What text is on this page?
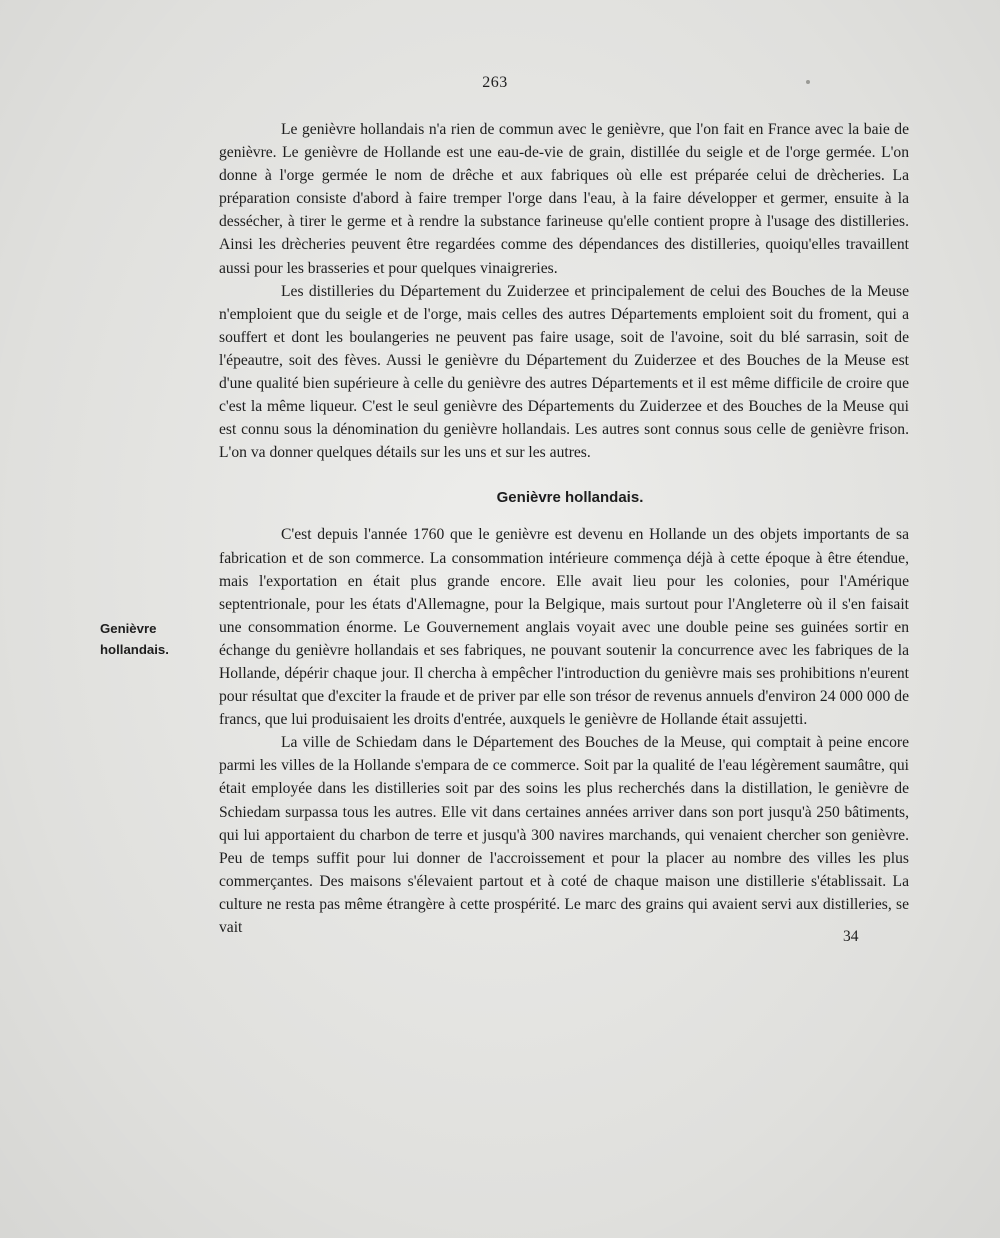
263
Genièvre
hollandais.

Le genièvre hollandais n'a rien de commun avec le genièvre, que l'on fait en France avec la baie de genièvre. Le genièvre de Hollande est une eau-de-vie de grain, distillée du seigle et de l'orge germée. L'on donne à l'orge germée le nom de drêche et aux fabriques où elle est préparée celui de drècheries. La préparation consiste d'abord à faire tremper l'orge dans l'eau, à la faire développer et germer, ensuite à la dessécher, à tirer le germe et à rendre la substance farineuse qu'elle contient propre à l'usage des distilleries. Ainsi les drècheries peuvent être regardées comme des dépendances des distilleries, quoiqu'elles travaillent aussi pour les brasseries et pour quelques vinaigreries.

Les distilleries du Département du Zuiderzee et principalement de celui des Bouches de la Meuse n'emploient que du seigle et de l'orge, mais celles des autres Départements emploient soit du froment, qui a souffert et dont les boulangeries ne peuvent pas faire usage, soit de l'avoine, soit du blé sarrasin, soit de l'épeautre, soit des fèves. Aussi le genièvre du Département du Zuiderzee et des Bouches de la Meuse est d'une qualité bien supérieure à celle du genièvre des autres Départements et il est même difficile de croire que c'est la même liqueur. C'est le seul genièvre des Départements du Zuiderzee et des Bouches de la Meuse qui est connu sous la dénomination du genièvre hollandais. Les autres sont connus sous celle de genièvre frison. L'on va donner quelques détails sur les uns et sur les autres.

Genièvre hollandais.

C'est depuis l'année 1760 que le genièvre est devenu en Hollande un des objets importants de sa fabrication et de son commerce. La consommation intérieure commença déjà à cette époque à être étendue, mais l'exportation en était plus grande encore. Elle avait lieu pour les colonies, pour l'Amérique septentrionale, pour les états d'Allemagne, pour la Belgique, mais surtout pour l'Angleterre où il s'en faisait une consommation énorme. Le Gouvernement anglais voyait avec une double peine ses guinées sortir en échange du genièvre hollandais et ses fabriques, ne pouvant soutenir la concurrence avec les fabriques de la Hollande, dépérir chaque jour. Il chercha à empêcher l'introduction du genièvre mais ses prohibitions n'eurent pour résultat que d'exciter la fraude et de priver par elle son trésor de revenus annuels d'environ 24 000 000 de francs, que lui produisaient les droits d'entrée, auxquels le genièvre de Hollande était assujetti.

La ville de Schiedam dans le Département des Bouches de la Meuse, qui comptait à peine encore parmi les villes de la Hollande s'empara de ce commerce. Soit par la qualité de l'eau légèrement saumâtre, qui était employée dans les distilleries soit par des soins les plus recherchés dans la distillation, le genièvre de Schiedam surpassa tous les autres. Elle vit dans certaines années arriver dans son port jusqu'à 250 bâtiments, qui lui apportaient du charbon de terre et jusqu'à 300 navires marchands, qui venaient chercher son genièvre. Peu de temps suffit pour lui donner de l'accroissement et pour la placer au nombre des villes les plus commerçantes. Des maisons s'élevaient partout et à coté de chaque maison une distillerie s'établissait. La culture ne resta pas même étrangère à cette prospérité. Le marc des grains qui avaient servi aux distilleries, se vait

34
